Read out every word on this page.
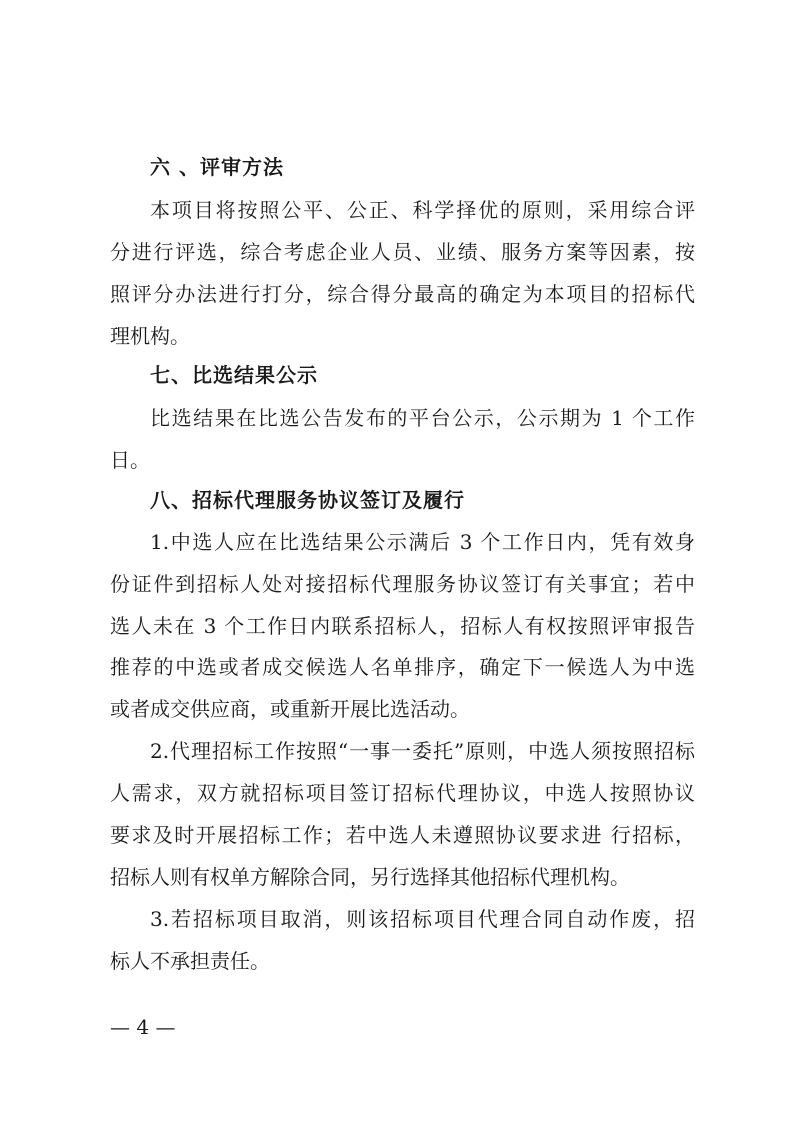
六 、评审方法
本项目将按照公平、公正、科学择优的原则，采用综合评
分进行评选，综合考虑企业人员、业绩、服务方案等因素，按
照评分办法进行打分，综合得分最高的确定为本项目的招标代
理机构。
七、比选结果公示
比选结果在比选公告发布的平台公示，公示期为 1 个工作
日。
八、招标代理服务协议签订及履行
1.中选人应在比选结果公示满后 3 个工作日内，凭有效身
份证件到招标人处对接招标代理服务协议签订有关事宜；若中
选人未在 3 个工作日内联系招标人，招标人有权按照评审报告
推荐的中选或者成交候选人名单排序，确定下一候选人为中选
或者成交供应商，或重新开展比选活动。
2.代理招标工作按照“一事一委托”原则，中选人须按照招标
人需求，双方就招标项目签订招标代理协议，中选人按照协议
要求及时开展招标工作；若中选人未遵照协议要求进 行招标，
招标人则有权单方解除合同，另行选择其他招标代理机构。
3.若招标项目取消，则该招标项目代理合同自动作废，招
标人不承担责任。
— 4 —
